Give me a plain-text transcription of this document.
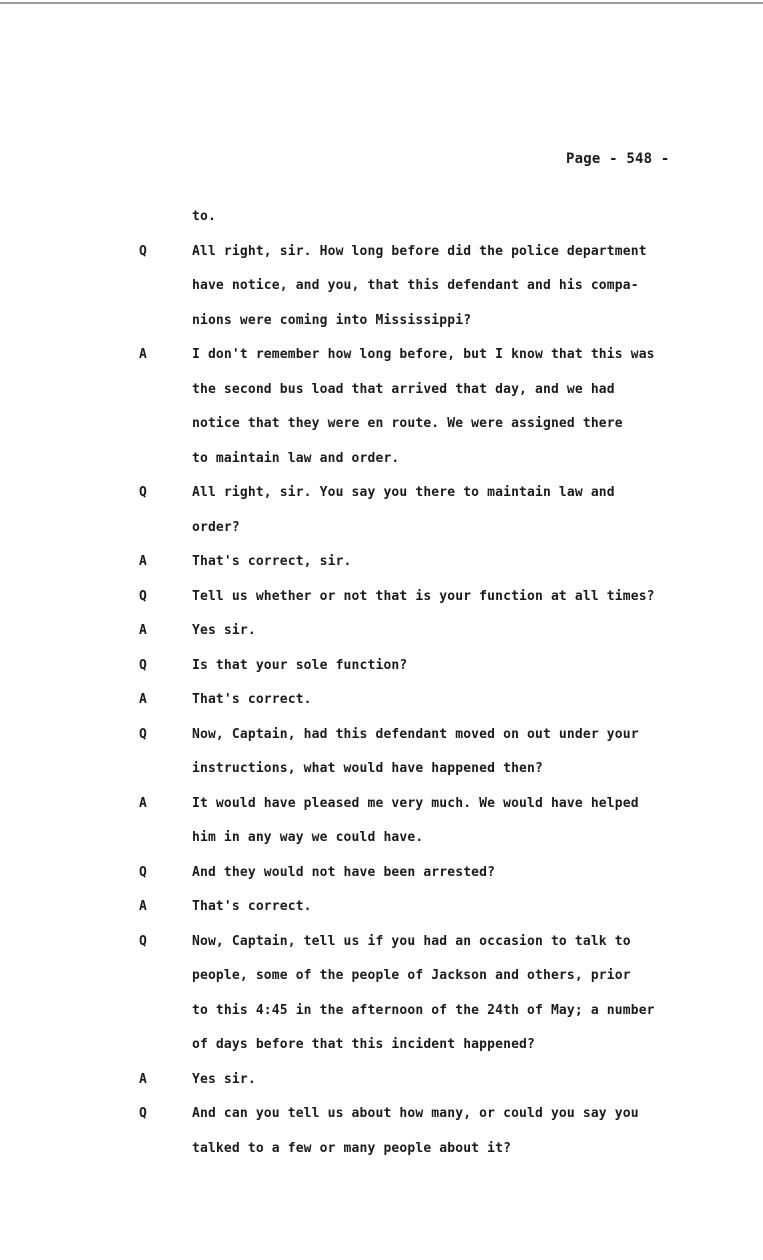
Page - 548 -
to.
Q	All right, sir. How long before did the police department
have notice, and you, that this defendant and his compa-
nions were coming into Mississippi?
A	I don't remember how long before, but I know that this was
the second bus load that arrived that day, and we had
notice that they were en route. We were assigned there
to maintain law and order.
Q	All right, sir. You say you there to maintain law and
order?
A	That's correct, sir.
Q	Tell us whether or not that is your function at all times?
A	Yes sir.
Q	Is that your sole function?
A	That's correct.
Q	Now, Captain, had this defendant moved on out under your
instructions, what would have happened then?
A	It would have pleased me very much. We would have helped
him in any way we could have.
Q	And they would not have been arrested?
A	That's correct.
Q	Now, Captain, tell us if you had an occasion to talk to
people, some of the people of Jackson and others, prior
to this 4:45 in the afternoon of the 24th of May; a number
of days before that this incident happened?
A	Yes sir.
Q	And can you tell us about how many, or could you say you
talked to a few or many people about it?
